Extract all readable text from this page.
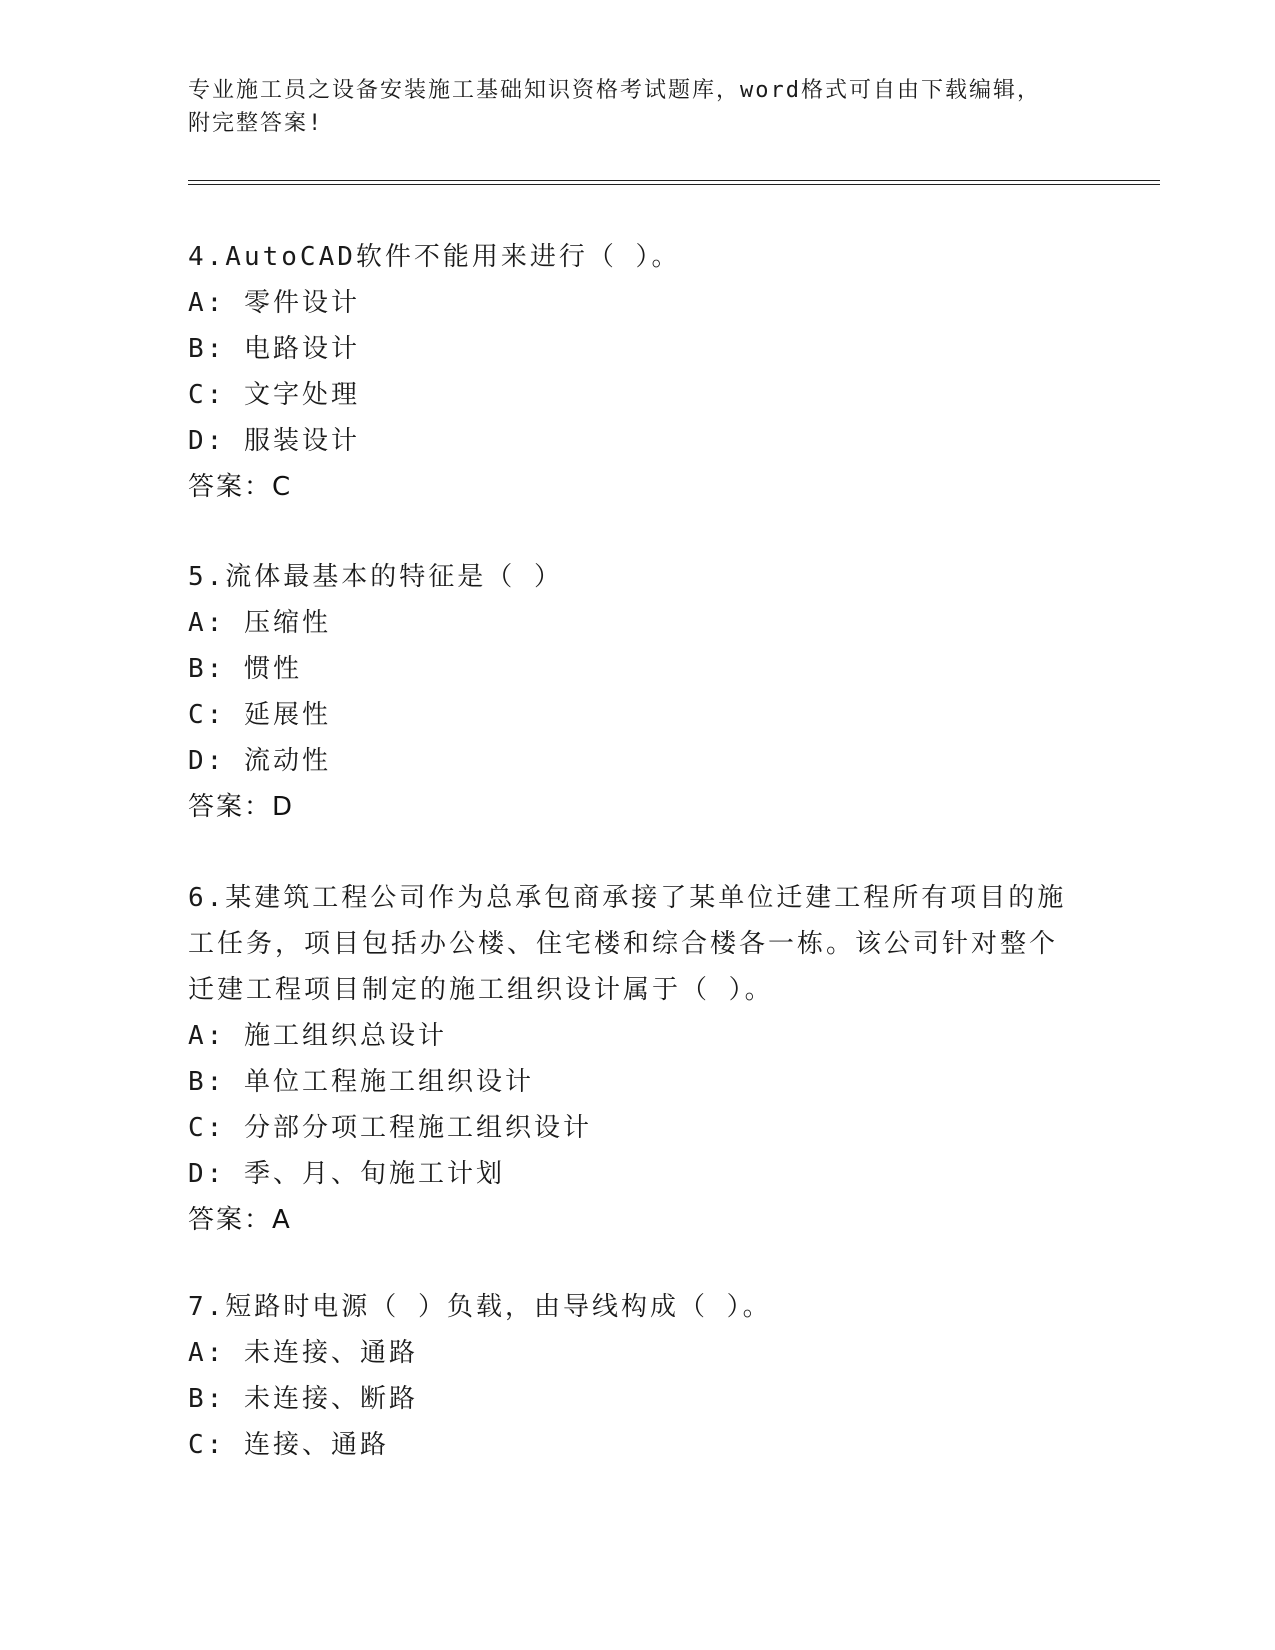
专业施工员之设备安装施工基础知识资格考试题库，word格式可自由下载编辑，
附完整答案!

4.AutoCAD软件不能用来进行（ ）。

A: 零件设计

B: 电路设计

C: 文字处理

D: 服装设计

答案：C

5.流体最基本的特征是（ ）

A: 压缩性

B: 惯性

C: 延展性

D: 流动性

答案：D

6.某建筑工程公司作为总承包商承接了某单位迁建工程所有项目的施

工任务，项目包括办公楼、住宅楼和综合楼各一栋。该公司针对整个

迁建工程项目制定的施工组织设计属于（ ）。

A: 施工组织总设计

B: 单位工程施工组织设计

C: 分部分项工程施工组织设计

D: 季、月、旬施工计划

答案：A

7.短路时电源（ ）负载，由导线构成（ ）。

A: 未连接、通路

B: 未连接、断路

C: 连接、通路
